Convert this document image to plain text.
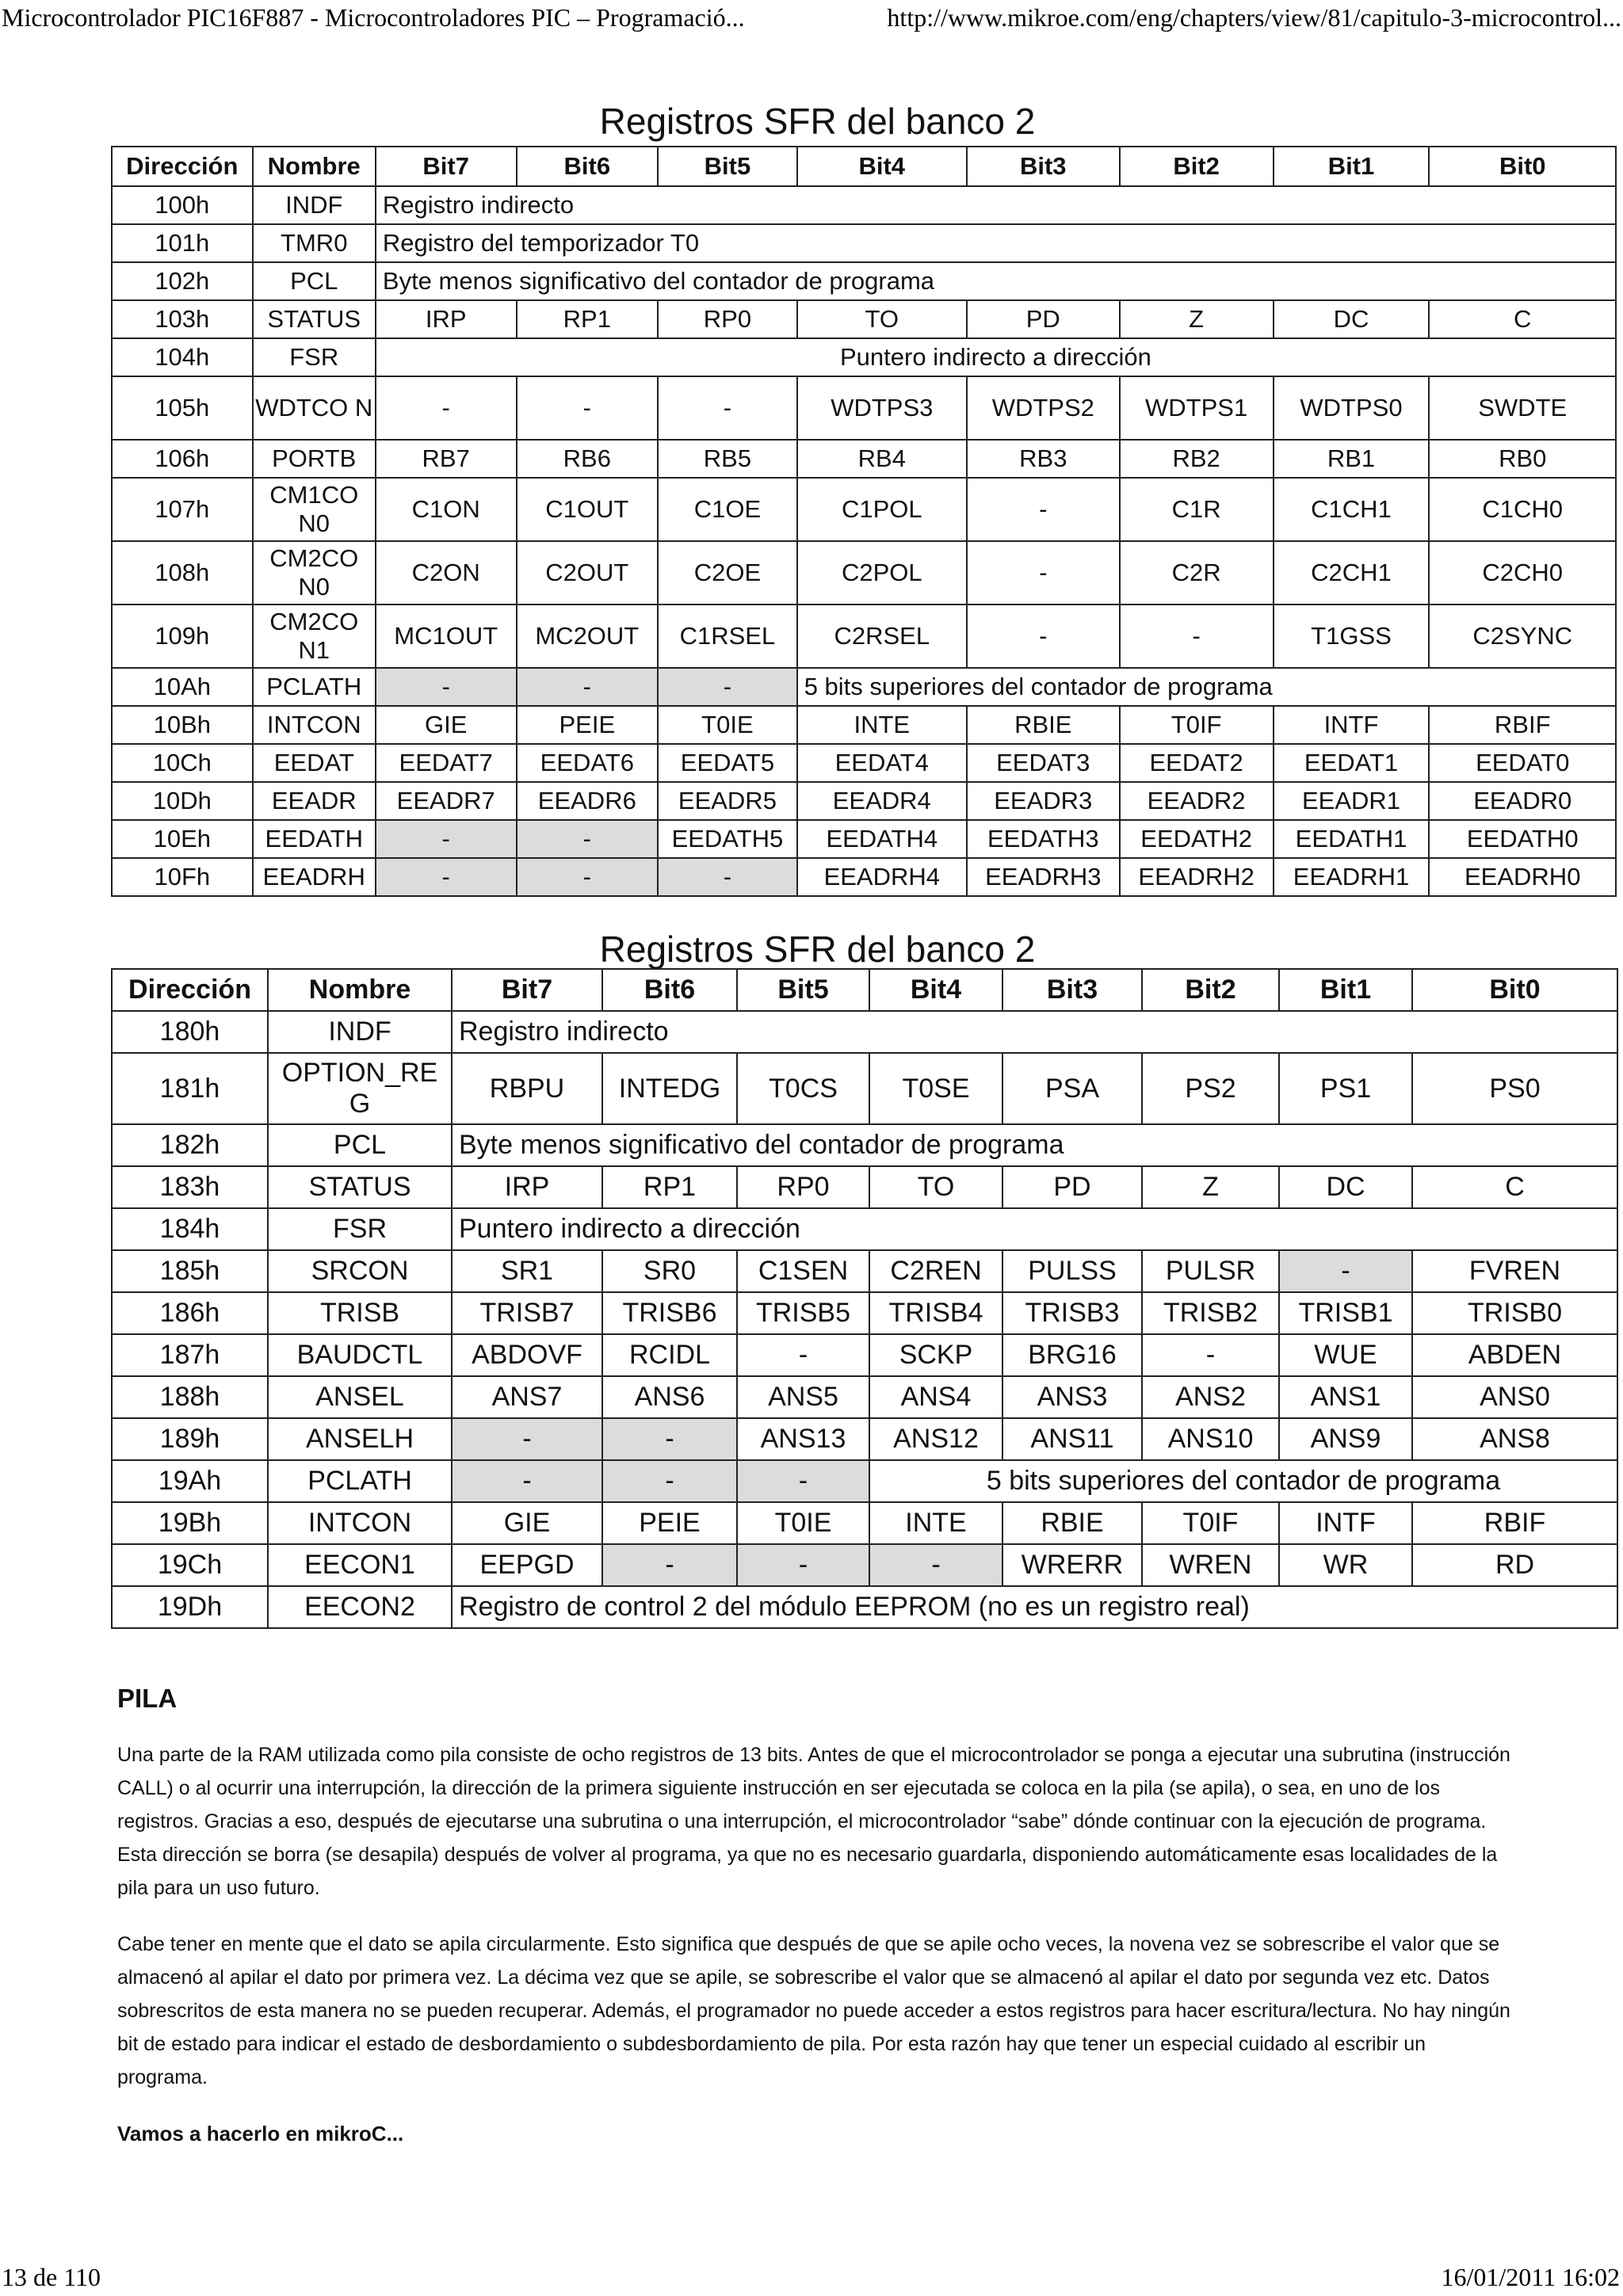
Microcontrolador PIC16F887 - Microcontroladores PIC – Programació...	http://www.mikroe.com/eng/chapters/view/81/capitulo-3-microcontrol...
Registros SFR del banco 2
Dirección	Nombre	Bit7	Bit6	Bit5	Bit4	Bit3	Bit2	Bit1	Bit0
100h	INDF	Registro indirecto							
101h	TMR0	Registro del temporizador T0							
102h	PCL	Byte menos significativo del contador de programa							
103h	STATUS	IRP	RP1	RP0	TO	PD	Z	DC	C
104h	FSR	Puntero indirecto a dirección							
105h	WDTCO N	-	-	-	WDTPS3	WDTPS2	WDTPS1	WDTPS0	SWDTE
106h	PORTB	RB7	RB6	RB5	RB4	RB3	RB2	RB1	RB0
107h	CM1CO N0	C1ON	C1OUT	C1OE	C1POL	-	C1R	C1CH1	C1CH0
108h	CM2CO N0	C2ON	C2OUT	C2OE	C2POL	-	C2R	C2CH1	C2CH0
109h	CM2CO N1	MC1OUT	MC2OUT	C1RSEL	C2RSEL	-	-	T1GSS	C2SYNC
10Ah	PCLATH	-	-	-	5 bits superiores del contador de programa				
10Bh	INTCON	GIE	PEIE	T0IE	INTE	RBIE	T0IF	INTF	RBIF
10Ch	EEDAT	EEDAT7	EEDAT6	EEDAT5	EEDAT4	EEDAT3	EEDAT2	EEDAT1	EEDAT0
10Dh	EEADR	EEADR7	EEADR6	EEADR5	EEADR4	EEADR3	EEADR2	EEADR1	EEADR0
10Eh	EEDATH	-	-	EEDATH5	EEDATH4	EEDATH3	EEDATH2	EEDATH1	EEDATH0
10Fh	EEADRH	-	-	-	EEADRH4	EEADRH3	EEADRH2	EEADRH1	EEADRH0
Registros SFR del banco 2
Dirección	Nombre	Bit7	Bit6	Bit5	Bit4	Bit3	Bit2	Bit1	Bit0
180h	INDF	Registro indirecto							
181h	OPTION_RE G	RBPU	INTEDG	T0CS	T0SE	PSA	PS2	PS1	PS0
182h	PCL	Byte menos significativo del contador de programa							
183h	STATUS	IRP	RP1	RP0	TO	PD	Z	DC	C
184h	FSR	Puntero indirecto a dirección							
185h	SRCON	SR1	SR0	C1SEN	C2REN	PULSS	PULSR	-	FVREN
186h	TRISB	TRISB7	TRISB6	TRISB5	TRISB4	TRISB3	TRISB2	TRISB1	TRISB0
187h	BAUDCTL	ABDOVF	RCIDL	-	SCKP	BRG16	-	WUE	ABDEN
188h	ANSEL	ANS7	ANS6	ANS5	ANS4	ANS3	ANS2	ANS1	ANS0
189h	ANSELH	-	-	ANS13	ANS12	ANS11	ANS10	ANS9	ANS8
19Ah	PCLATH	-	-	-	5 bits superiores del contador de programa				
19Bh	INTCON	GIE	PEIE	T0IE	INTE	RBIE	T0IF	INTF	RBIF
19Ch	EECON1	EEPGD	-	-	-	WRERR	WREN	WR	RD
19Dh	EECON2	Registro de control 2 del módulo EEPROM (no es un registro real)							
PILA
Una parte de la RAM utilizada como pila consiste de ocho registros de 13 bits. Antes de que el microcontrolador se ponga a ejecutar una subrutina (instrucción CALL) o al ocurrir una interrupción, la dirección de la primera siguiente instrucción en ser ejecutada se coloca en la pila (se apila), o sea, en uno de los registros. Gracias a eso, después de ejecutarse una subrutina o una interrupción, el microcontrolador “sabe” dónde continuar con la ejecución de programa. Esta dirección se borra (se desapila) después de volver al programa, ya que no es necesario guardarla, disponiendo automáticamente esas localidades de la pila para un uso futuro.
Cabe tener en mente que el dato se apila circularmente. Esto significa que después de que se apile ocho veces, la novena vez se sobrescribe el valor que se almacenó al apilar el dato por primera vez. La décima vez que se apile, se sobrescribe el valor que se almacenó al apilar el dato por segunda vez etc. Datos sobrescritos de esta manera no se pueden recuperar. Además, el programador no puede acceder a estos registros para hacer escritura/lectura. No hay ningún bit de estado para indicar el estado de desbordamiento o subdesbordamiento de pila. Por esta razón hay que tener un especial cuidado al escribir un programa.
Vamos a hacerlo en mikroC...
13 de 110	16/01/2011 16:02
